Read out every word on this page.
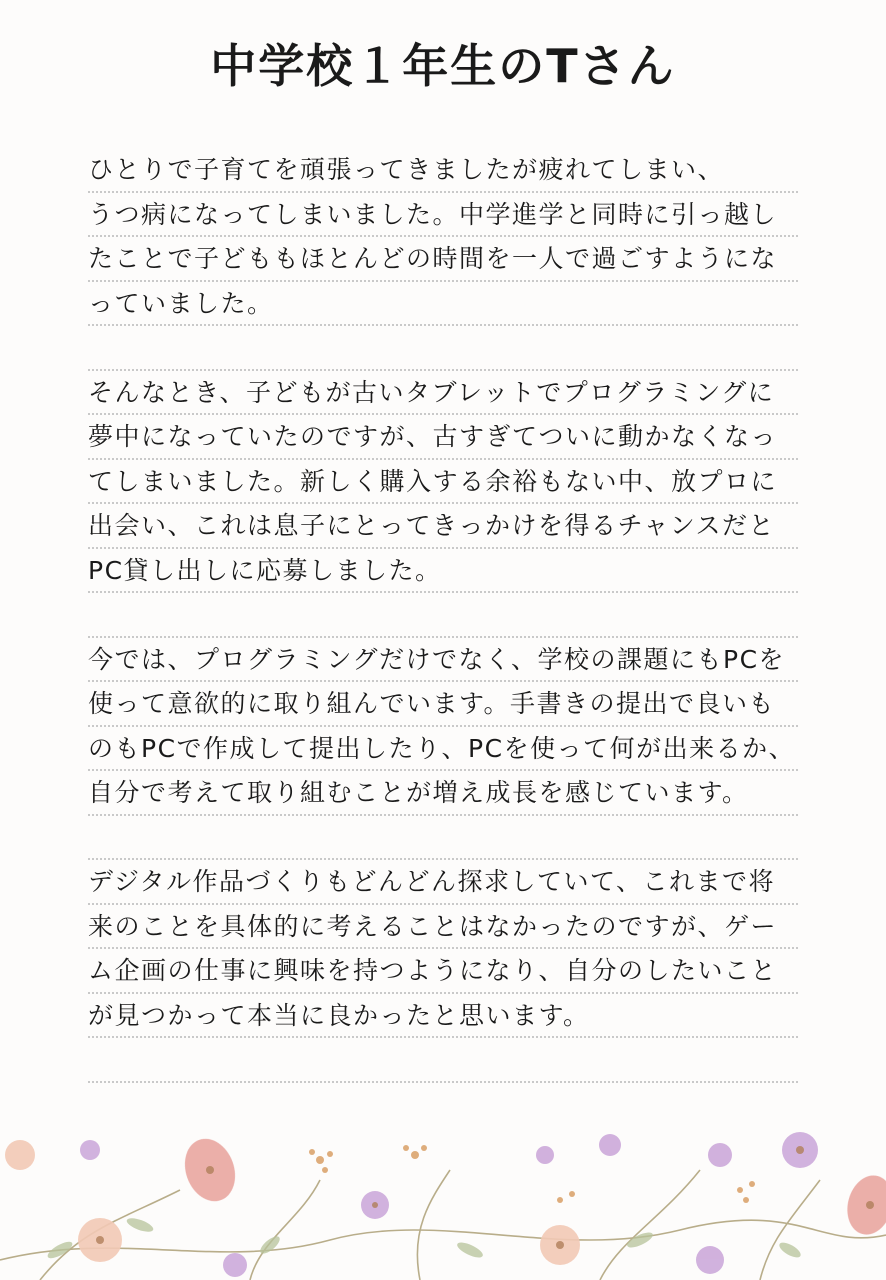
中学校１年生のTさん
ひとりで子育てを頑張ってきましたが疲れてしまい、
うつ病になってしまいました。中学進学と同時に引っ越し
たことで子どももほとんどの時間を一人で過ごすようにな
っていました。
そんなとき、子どもが古いタブレットでプログラミングに
夢中になっていたのですが、古すぎてついに動かなくなっ
てしまいました。新しく購入する余裕もない中、放プロに
出会い、これは息子にとってきっかけを得るチャンスだと
PC貸し出しに応募しました。
今では、プログラミングだけでなく、学校の課題にもPCを
使って意欲的に取り組んでいます。手書きの提出で良いも
のもPCで作成して提出したり、PCを使って何が出来るか、
自分で考えて取り組むことが増え成長を感じています。
デジタル作品づくりもどんどん探求していて、これまで将
来のことを具体的に考えることはなかったのですが、ゲー
ム企画の仕事に興味を持つようになり、自分のしたいこと
が見つかって本当に良かったと思います。
